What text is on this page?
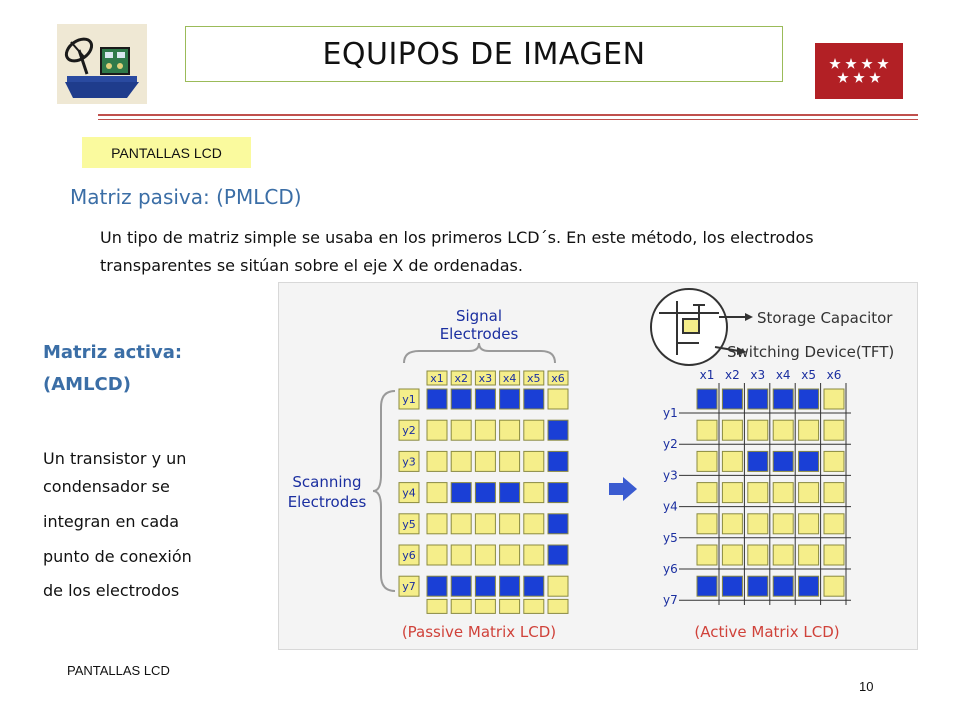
EQUIPOS DE IMAGEN
PANTALLAS LCD
Matriz pasiva: (PMLCD)
Un tipo de matriz simple se usaba en los primeros LCD´s. En este método, los electrodos transparentes se sitúan sobre el eje X de ordenadas.
Matriz activa:
(AMLCD)
Un transistor y un
condensador se
integran en cada
punto de conexión
de los electrodos
Signal
Electrodes
Scanning
Electrodes
Storage Capacitor
Switching Device(TFT)
(Passive Matrix LCD)	(Active Matrix LCD)
x1 x2 x3 x4 x5 x6
y1
y2
y3
y4
y5
y6
y7
x1 x2 x3 x4 x5 x6
y1
y2
y3
y4
y5
y6
y7
PANTALLAS LCD
10
